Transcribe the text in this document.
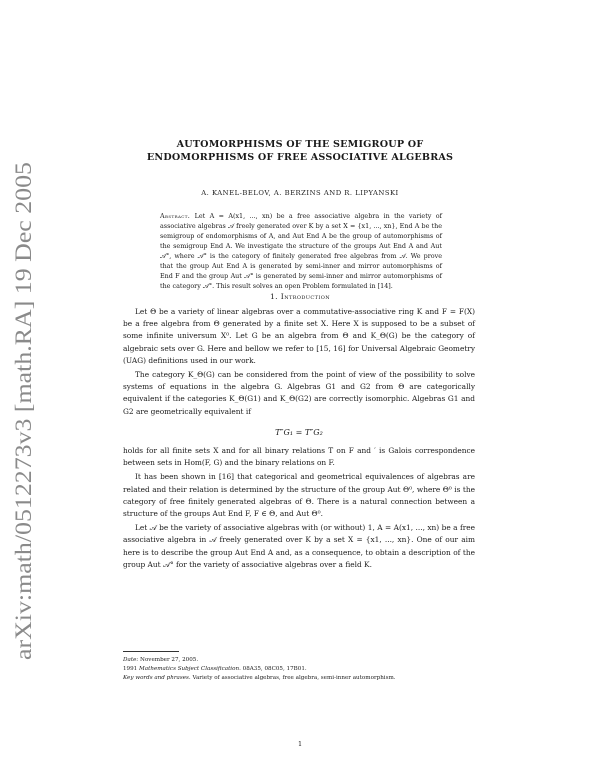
arXiv:math/0512273v3 [math.RA] 19 Dec 2005
AUTOMORPHISMS OF THE SEMIGROUP OF
ENDOMORPHISMS OF FREE ASSOCIATIVE ALGEBRAS
A. KANEL-BELOV, A. BERZINS AND R. LIPYANSKI
Abstract. Let A = A(x1, ..., xn) be a free associative algebra in the variety of associative algebras 𝒜 freely generated over K by a set X = {x1, ..., xn}, End A be the semigroup of endomorphisms of A, and Aut End A be the group of automorphisms of the semigroup End A. We investigate the structure of the groups Aut End A and Aut 𝒜°, where 𝒜° is the category of finitely generated free algebras from 𝒜. We prove that the group Aut End A is generated by semi-inner and mirror automorphisms of End F and the group Aut 𝒜° is generated by semi-inner and mirror automorphisms of the category 𝒜°. This result solves an open Problem formulated in [14].
1. Introduction

Let Θ be a variety of linear algebras over a commutative-associative ring K and F = F(X) be a free algebra from Θ generated by a finite set X. Here X is supposed to be a subset of some infinite universum X⁰. Let G be an algebra from Θ and K_Θ(G) be the category of algebraic sets over G. Here and bellow we refer to [15, 16] for Universal Algebraic Geometry (UAG) definitions used in our work.

The category K_Θ(G) can be considered from the point of view of the possibility to solve systems of equations in the algebra G. Algebras G1 and G2 from Θ are categorically equivalent if the categories K_Θ(G1) and K_Θ(G2) are correctly isomorphic. Algebras G1 and G2 are geometrically equivalent if

T″G₁ = T″G₂

holds for all finite sets X and for all binary relations T on F and ′ is Galois correspondence between sets in Hom(F, G) and the binary relations on F.

It has been shown in [16] that categorical and geometrical equivalences of algebras are related and their relation is determined by the structure of the group Aut Θ⁰, where Θ⁰ is the category of free finitely generated algebras of Θ. There is a natural connection between a structure of the groups Aut End F, F ∈ Θ, and Aut Θ⁰.

Let 𝒜 be the variety of associative algebras with (or without) 1, A = A(x1, ..., xn) be a free associative algebra in 𝒜 freely generated over K by a set X = {x1, ..., xn}. One of our aim here is to describe the group Aut End A and, as a consequence, to obtain a description of the group Aut 𝒜° for the variety of associative algebras over a field K.

Date: November 27, 2005.
1991 Mathematics Subject Classification. 08A35, 08C05, 17B01.
Key words and phrases. Variety of associative algebras, free algebra, semi-inner automorphism.
1
